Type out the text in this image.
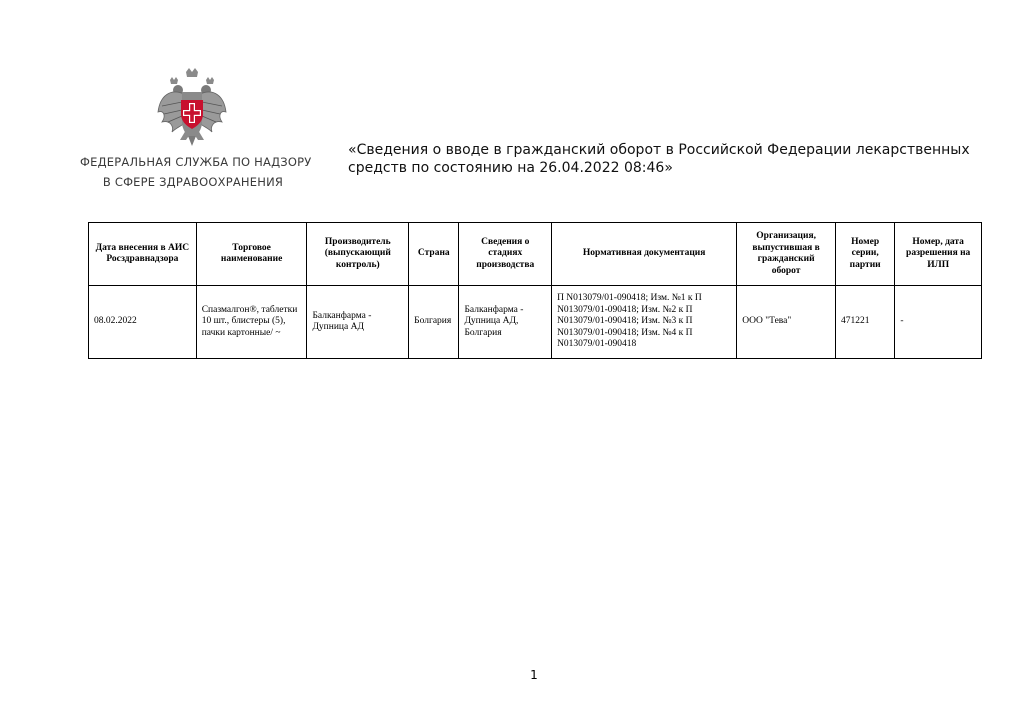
ФЕДЕРАЛЬНАЯ СЛУЖБА ПО НАДЗОРУ
В СФЕРЕ ЗДРАВООХРАНЕНИЯ
«Сведения о вводе в гражданский оборот в Российской Федерации лекарственных средств по состоянию на 26.04.2022 08:46»
Дата внесения в АИС Росздравнадзора	Торговое наименование	Производитель (выпускающий контроль)	Страна	Сведения о стадиях производства	Нормативная документация	Организация, выпустившая в гражданский оборот	Номер серии, партии	Номер, дата разрешения на ИЛП
08.02.2022	Спазмалгон®, таблетки 10 шт., блистеры (5), пачки картонные/ ~	Балканфарма - Дупница АД	Болгария	Балканфарма - Дупница АД, Болгария	П N013079/01-090418; Изм. №1 к П N013079/01-090418; Изм. №2 к П N013079/01-090418; Изм. №3 к П N013079/01-090418; Изм. №4 к П N013079/01-090418	ООО "Тева"	471221	-
1
